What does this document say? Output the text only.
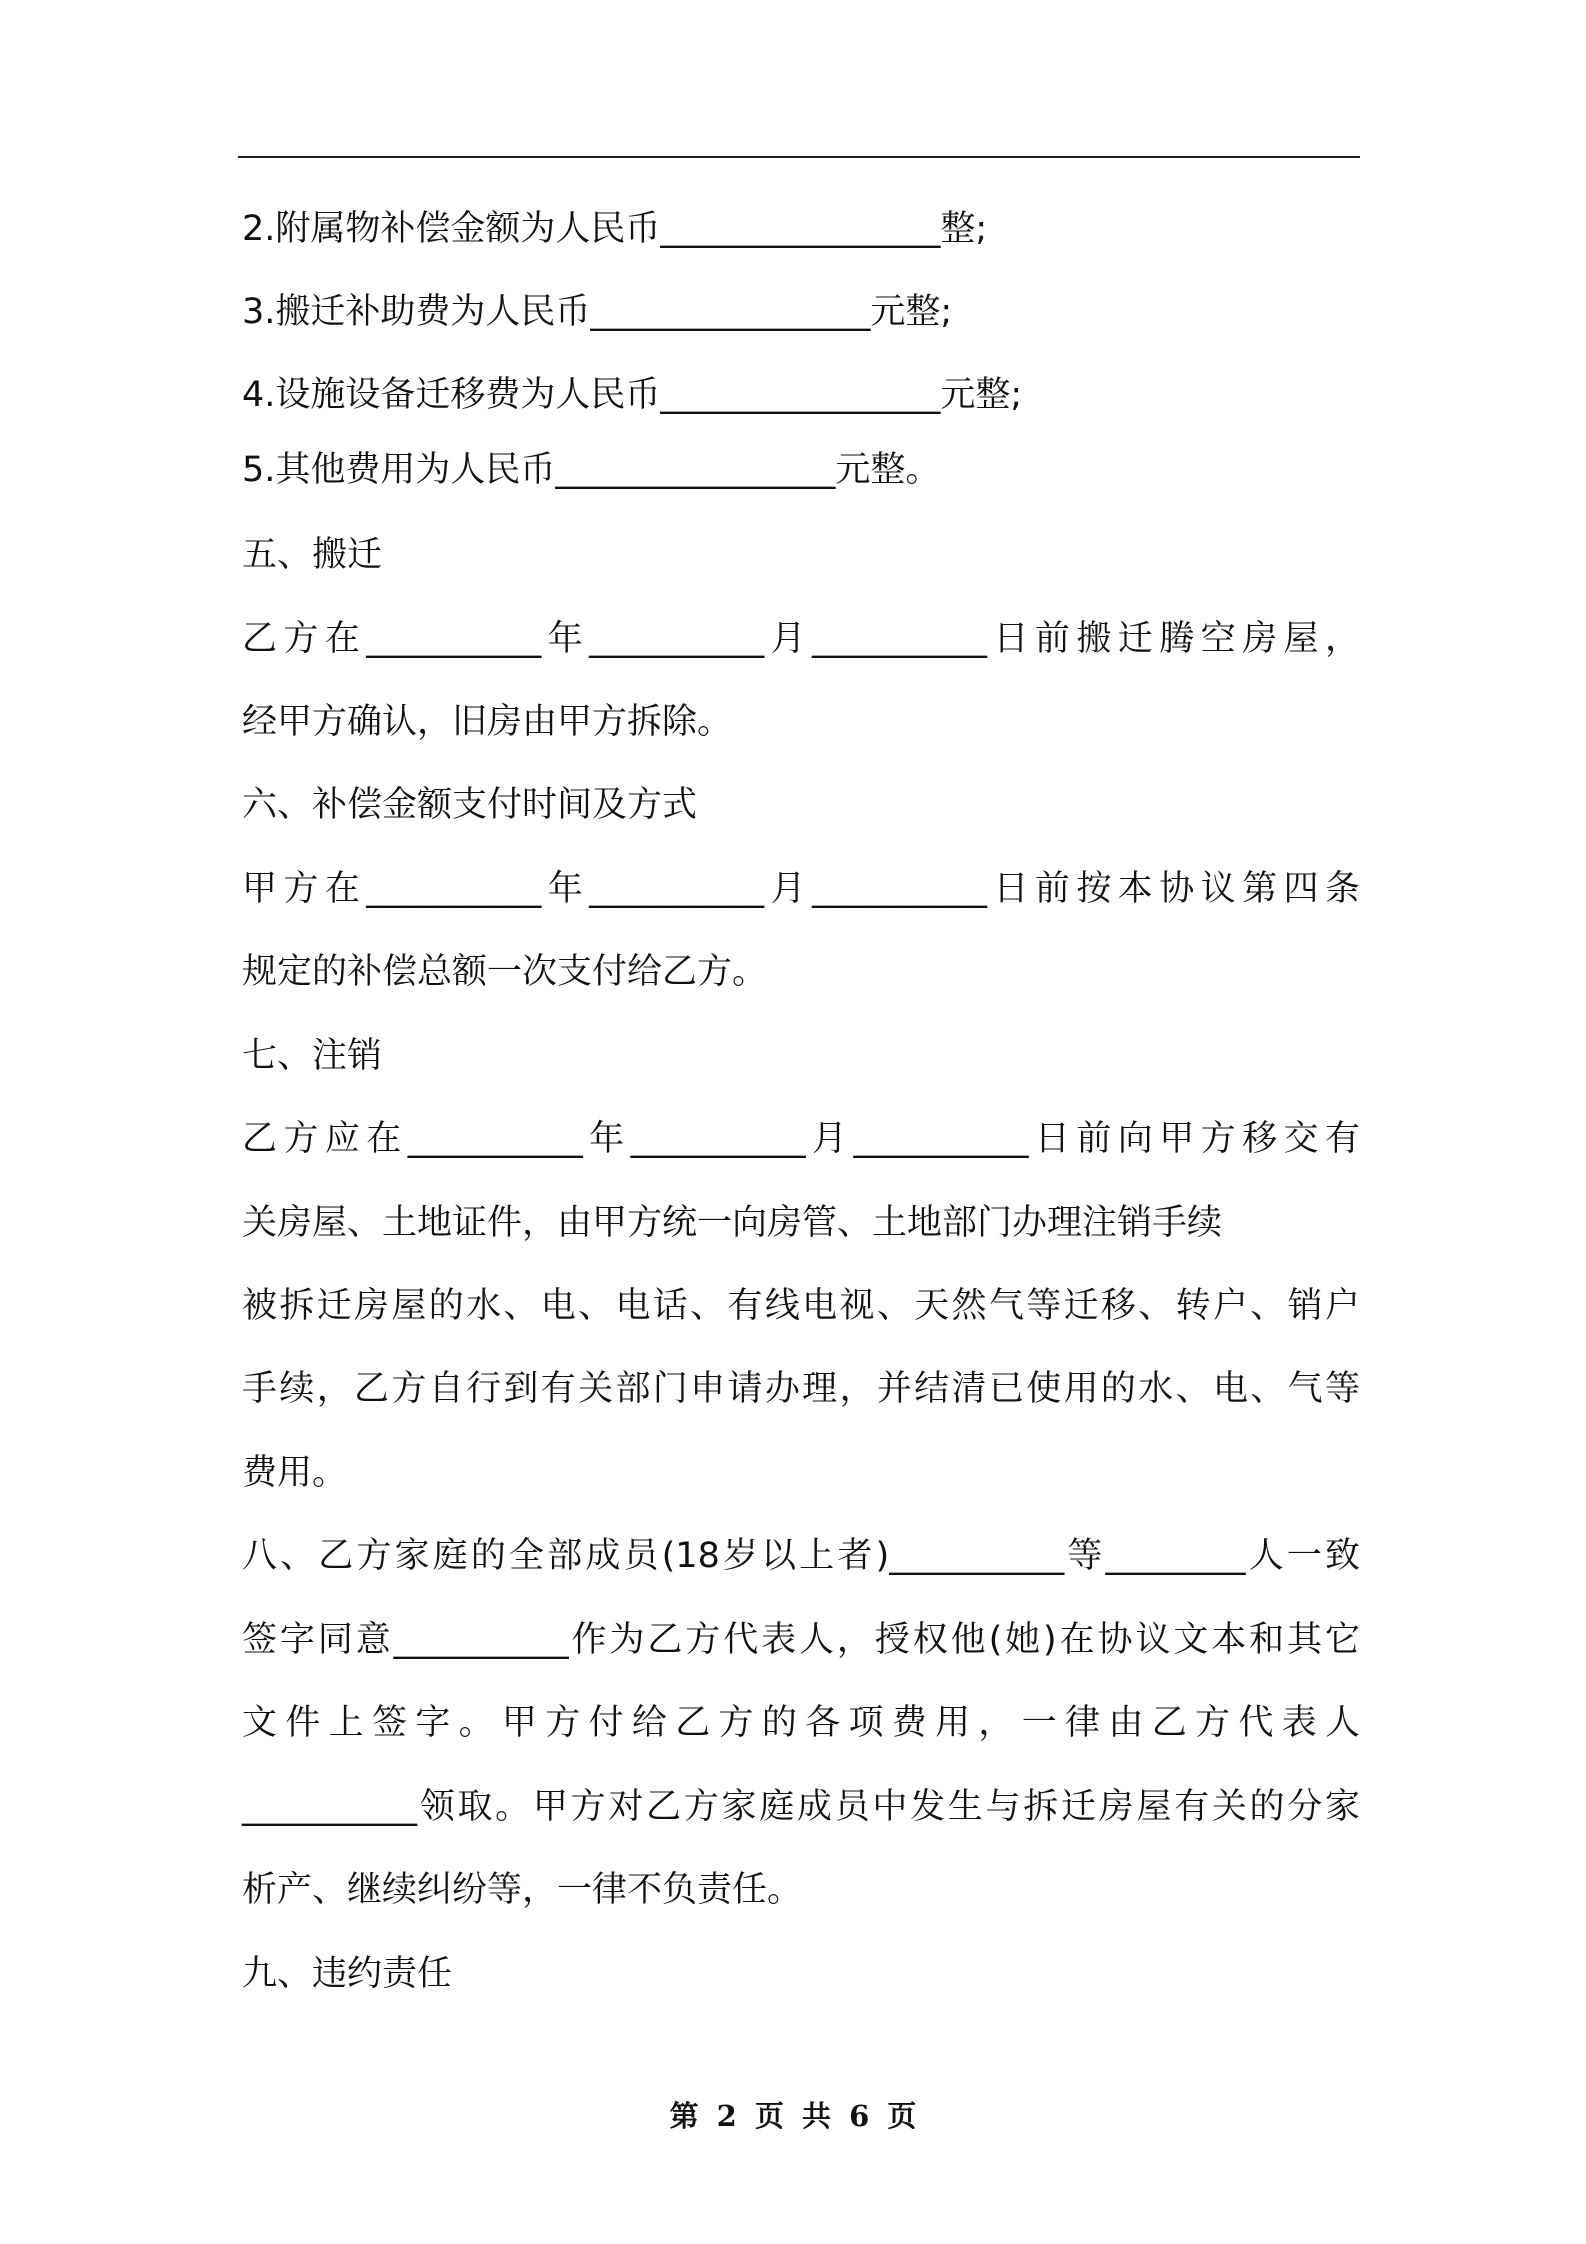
2.附属物补偿金额为人民币________________整;
3.搬迁补助费为人民币________________元整;
4.设施设备迁移费为人民币________________元整;
5.其他费用为人民币________________元整。
五、搬迁
乙方在__________年__________月__________日前搬迁腾空房屋，
经甲方确认，旧房由甲方拆除。
六、补偿金额支付时间及方式
甲方在__________年__________月__________日前按本协议第四条
规定的补偿总额一次支付给乙方。
七、注销
乙方应在__________年__________月__________日前向甲方移交有
关房屋、土地证件，由甲方统一向房管、土地部门办理注销手续
被拆迁房屋的水、电、电话、有线电视、天然气等迁移、转户、销户
手续，乙方自行到有关部门申请办理，并结清已使用的水、电、气等
费用。
八、乙方家庭的全部成员(18岁以上者)__________等________人一致
签字同意__________作为乙方代表人，授权他(她)在协议文本和其它
文件上签字。甲方付给乙方的各项费用，一律由乙方代表人
__________领取。甲方对乙方家庭成员中发生与拆迁房屋有关的分家
析产、继续纠纷等，一律不负责任。
九、违约责任
第 2 页 共 6 页
